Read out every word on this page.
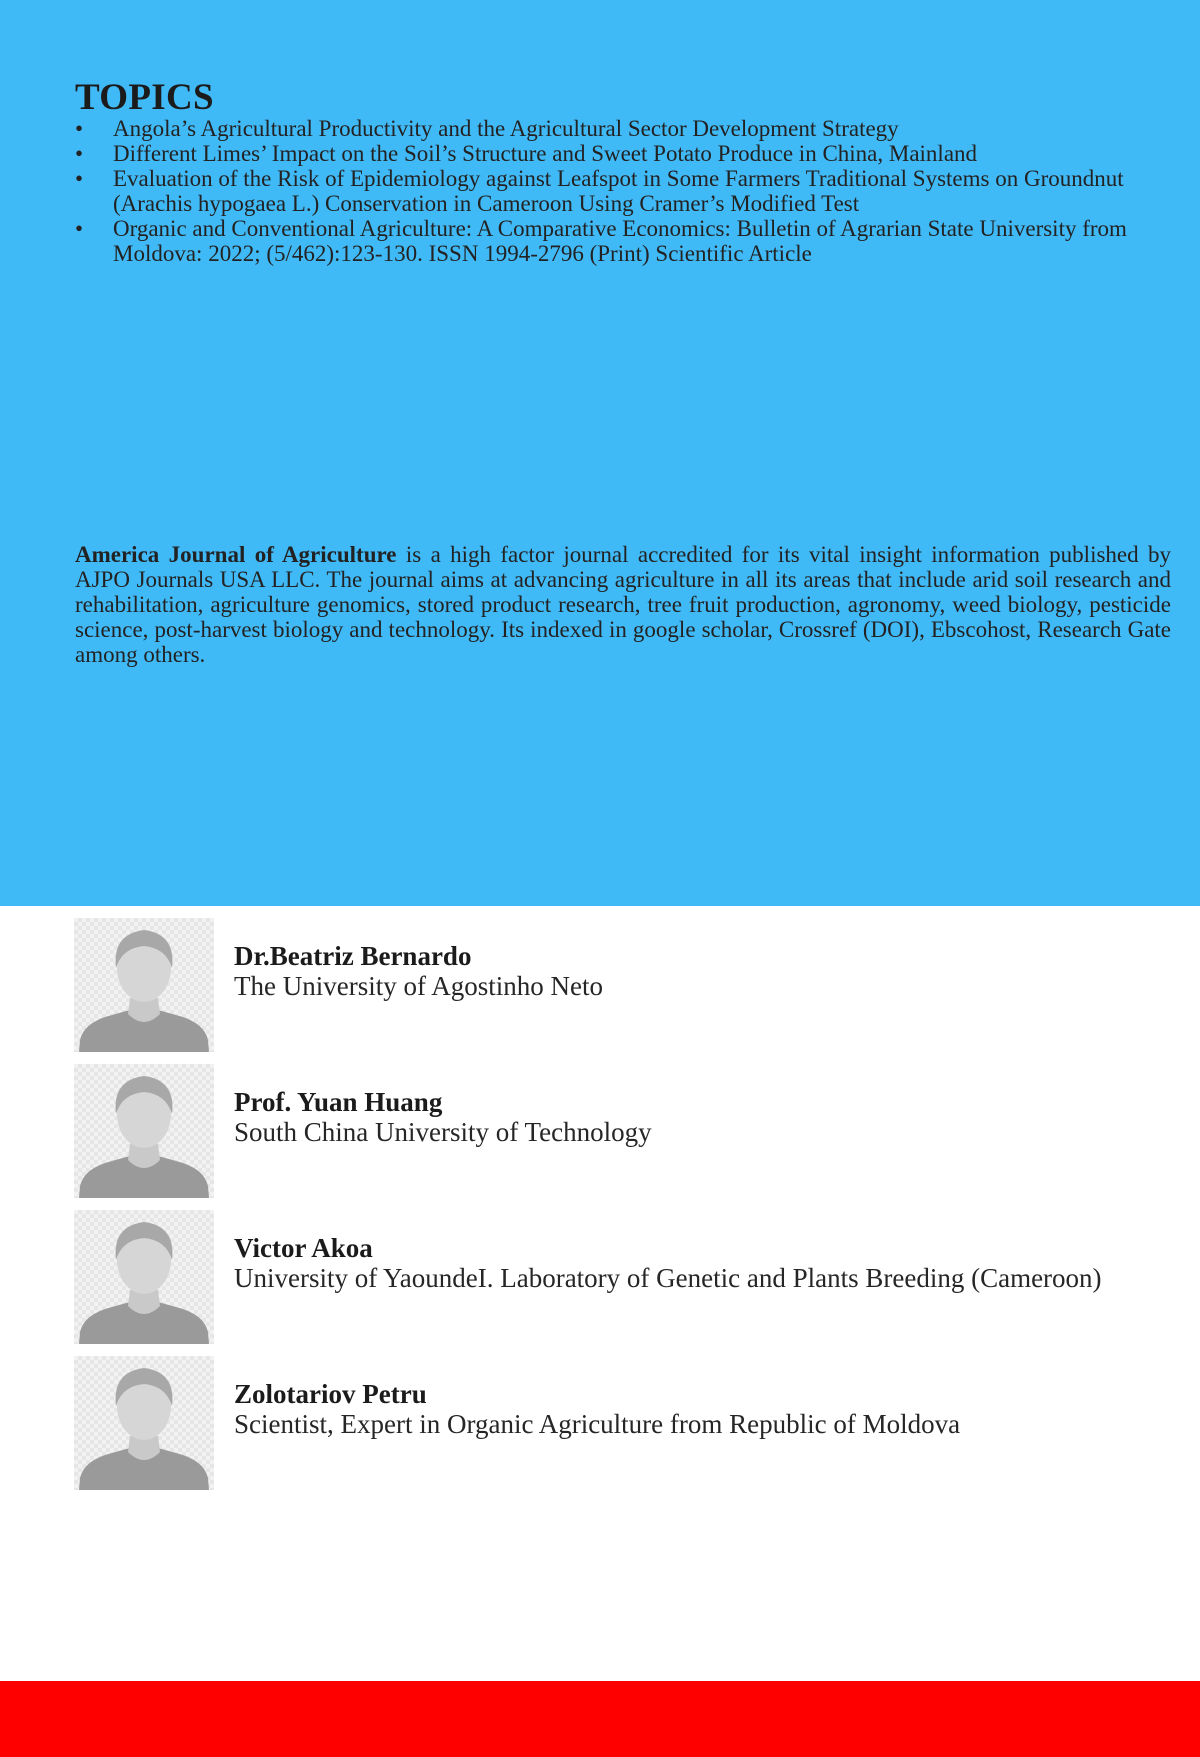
TOPICS
• Angola’s Agricultural Productivity and the Agricultural Sector Development Strategy
• Different Limes’ Impact on the Soil’s Structure and Sweet Potato Produce in China, Mainland
• Evaluation of the Risk of Epidemiology against Leafspot in Some Farmers Traditional Systems on Groundnut (Arachis hypogaea L.) Conservation in Cameroon Using Cramer’s Modified Test
• Organic and Conventional Agriculture: A Comparative Economics: Bulletin of Agrarian State University from Moldova: 2022; (5/462):123-130. ISSN 1994-2796 (Print) Scientific Article

America Journal of Agriculture is a high factor journal accredited for its vital insight information published by AJPO Journals USA LLC. The journal aims at advancing agriculture in all its areas that include arid soil research and rehabilitation, agriculture genomics, stored product research, tree fruit production, agronomy, weed biology, pesticide science, post-harvest biology and technology. Its indexed in google scholar, Crossref (DOI), Ebscohost, Research Gate among others.

Dr.Beatriz Bernardo
The University of Agostinho Neto
Prof. Yuan Huang
South China University of Technology
Victor Akoa
University of YaoundeI. Laboratory of Genetic and Plants Breeding (Cameroon)
Zolotariov Petru
Scientist, Expert in Organic Agriculture from Republic of Moldova
